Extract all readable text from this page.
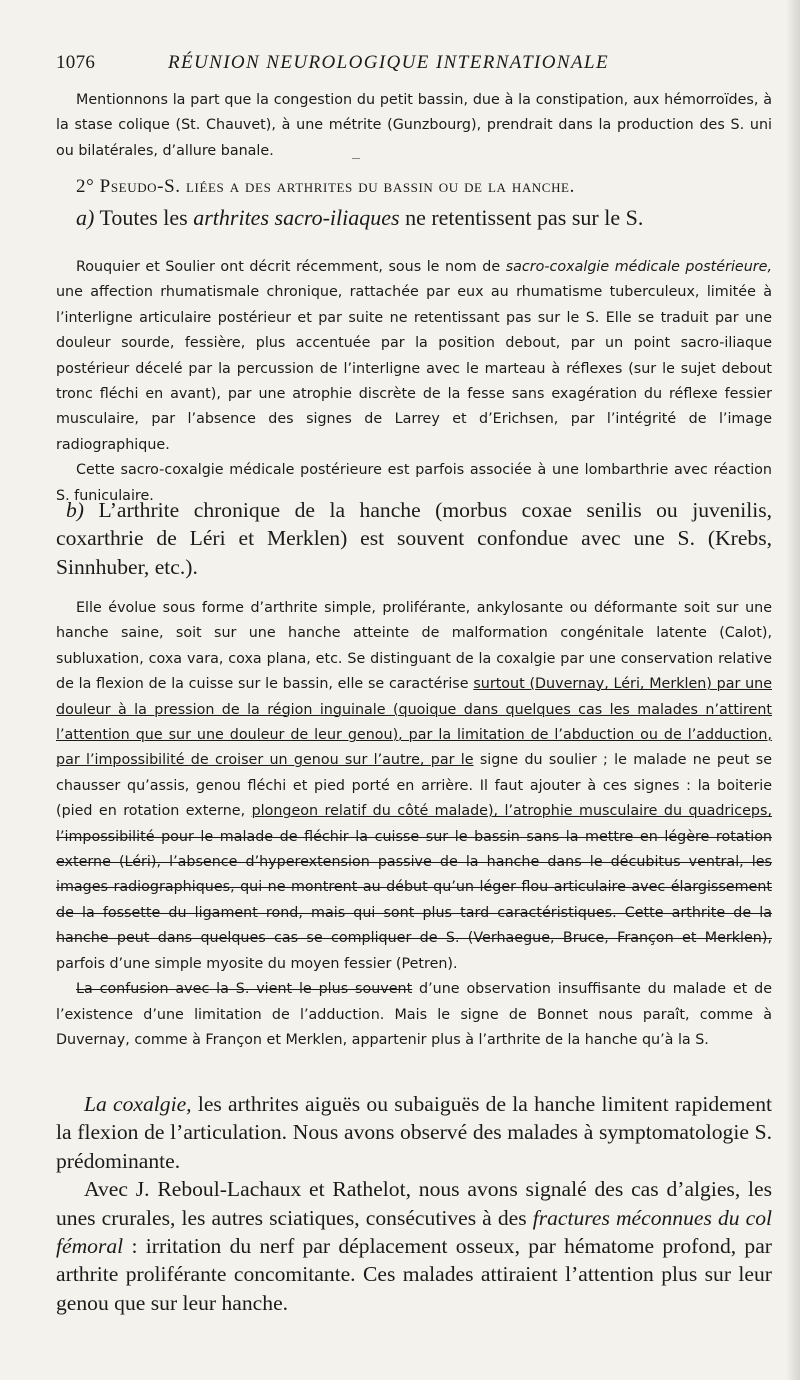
1076	RÉUNION NEUROLOGIQUE INTERNATIONALE

Mentionnons la part que la congestion du petit bassin, due à la constipation, aux hémorroïdes, à la stase colique (St. Chauvet), à une métrite (Gunzbourg), prendrait dans la production des S. uni ou bilatérales, d’allure banale.

2° Pseudo-S. liées a des arthrites du bassin ou de la hanche.
a) Toutes les arthrites sacro-iliaques ne retentissent pas sur le S.

Rouquier et Soulier ont décrit récemment, sous le nom de sacro-coxalgie médicale postérieure, une affection rhumatismale chronique, rattachée par eux au rhumatisme tuberculeux, limitée à l’interligne articulaire postérieur et par suite ne retentissant pas sur le S. Elle se traduit par une douleur sourde, fessière, plus accentuée par la position debout, par un point sacro-iliaque postérieur décelé par la percussion de l’interligne avec le marteau à réflexes (sur le sujet debout tronc fléchi en avant), par une atrophie discrète de la fesse sans exagération du réflexe fessier musculaire, par l’absence des signes de Larrey et d’Erichsen, par l’intégrité de l’image radiographique.

Cette sacro-coxalgie médicale postérieure est parfois associée à une lombarthrie avec réaction S. funiculaire.

b) L’arthrite chronique de la hanche (morbus coxae senilis ou juvenilis, coxarthrie de Léri et Merklen) est souvent confondue avec une S. (Krebs, Sinnhuber, etc.).

Elle évolue sous forme d’arthrite simple, proliférante, ankylosante ou déformante soit sur une hanche saine, soit sur une hanche atteinte de malformation congénitale latente (Calot), subluxation, coxa vara, coxa plana, etc. Se distinguant de la coxalgie par une conservation relative de la flexion de la cuisse sur le bassin, elle se caractérise surtout (Duvernay, Léri, Merklen) par une douleur à la pression de la région inguinale (quoique dans quelques cas les malades n’attirent l’attention que sur une douleur de leur genou), par la limitation de l’abduction ou de l’adduction, par l’impossibilité de croiser un genou sur l’autre, par le signe du soulier ; le malade ne peut se chausser qu’assis, genou fléchi et pied porté en arrière. Il faut ajouter à ces signes : la boiterie (pied en rotation externe, plongeon relatif du côté malade), l’atrophie musculaire du quadriceps, l’impossibilité pour le malade de fléchir la cuisse sur le bassin sans la mettre en légère rotation externe (Léri), l’absence d’hyperextension passive de la hanche dans le décubitus ventral, les images radiographiques, qui ne montrent au début qu’un léger flou articulaire avec élargissement de la fossette du ligament rond, mais qui sont plus tard caractéristiques. Cette arthrite de la hanche peut dans quelques cas se compliquer de S. (Verhaegue, Bruce, Françon et Merklen), parfois d’une simple myosite du moyen fessier (Petren).

La confusion avec la S. vient le plus souvent d’une observation insuffisante du malade et de l’existence d’une limitation de l’adduction. Mais le signe de Bonnet nous paraît, comme à Duvernay, comme à Françon et Merklen, appartenir plus à l’arthrite de la hanche qu’à la S.

La coxalgie, les arthrites aiguës ou subaiguës de la hanche limitent rapidement la flexion de l’articulation. Nous avons observé des malades à symptomatologie S. prédominante.

Avec J. Reboul-Lachaux et Rathelot, nous avons signalé des cas d’algies, les unes crurales, les autres sciatiques, consécutives à des fractures méconnues du col fémoral : irritation du nerf par déplacement osseux, par hématome profond, par arthrite proliférante concomitante. Ces malades attiraient l’attention plus sur leur genou que sur leur hanche.
